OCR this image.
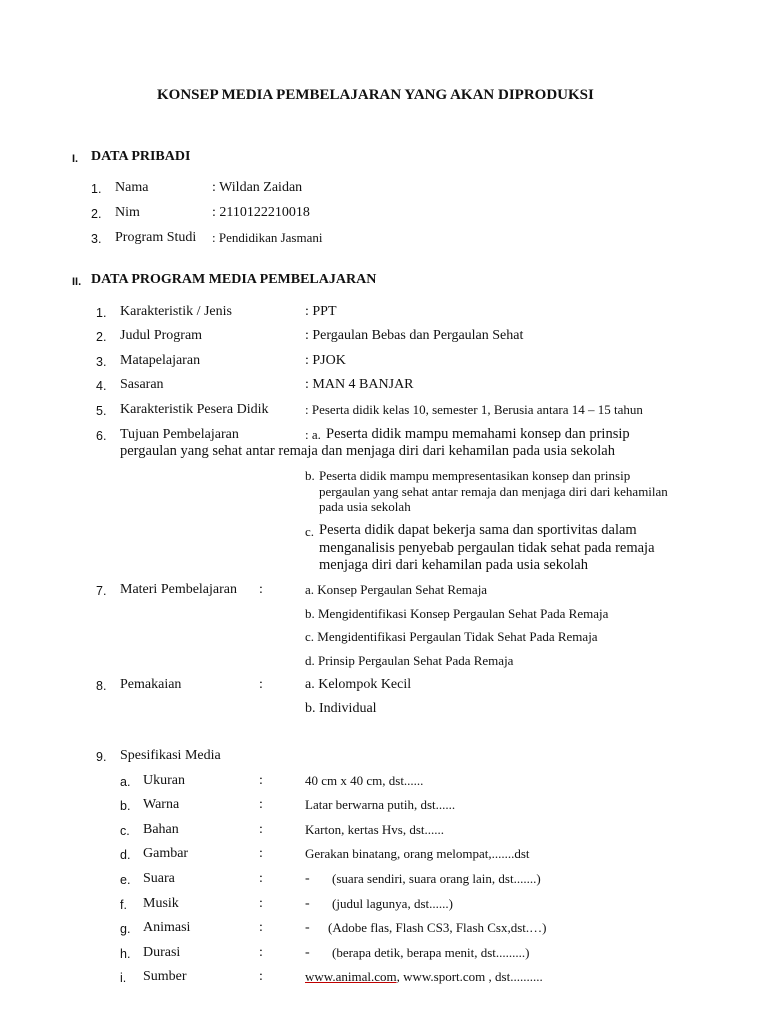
KONSEP MEDIA PEMBELAJARAN YANG AKAN DIPRODUKSI
I. DATA PRIBADI
1. Nama	: Wildan Zaidan
2. Nim	: 2110122210018
3. Program Studi : Pendidikan Jasmani
II. DATA PROGRAM MEDIA PEMBELAJARAN
1. Karakteristik / Jenis	: PPT
2. Judul Program	: Pergaulan Bebas dan Pergaulan Sehat
3. Matapelajaran	: PJOK
4. Sasaran	: MAN 4 BANJAR
5. Karakteristik Pesera Didik	: Peserta didik kelas 10, semester 1, Berusia antara 14 – 15 tahun
6. Tujuan Pembelajaran	: a. Peserta didik mampu memahami konsep dan prinsip
pergaulan yang sehat antar remaja dan menjaga diri dari kehamilan pada usia sekolah
b. Peserta didik mampu mempresentasikan konsep dan prinsip
pergaulan yang sehat antar remaja dan menjaga diri dari kehamilan
pada usia sekolah
c. Peserta didik dapat bekerja sama dan sportivitas dalam
menganalisis penyebab pergaulan tidak sehat pada remaja
menjaga diri dari kehamilan pada usia sekolah
7. Materi Pembelajaran :	a. Konsep Pergaulan Sehat Remaja
b. Mengidentifikasi Konsep Pergaulan Sehat Pada Remaja
c. Mengidentifikasi Pergaulan Tidak Sehat Pada Remaja
d. Prinsip Pergaulan Sehat Pada Remaja
8. Pemakaian	:	a. Kelompok Kecil
b. Individual
9. Spesifikasi Media
a. Ukuran	:	40 cm x 40 cm, dst......
b. Warna	:	Latar berwarna putih, dst......
c. Bahan	:	Karton, kertas Hvs, dst......
d. Gambar	:	Gerakan binatang, orang melompat,.......dst
e. Suara	:	- (suara sendiri, suara orang lain, dst.......)
f. Musik	:	- (judul lagunya, dst......)
g. Animasi	:	- (Adobe flas, Flash CS3, Flash Csx,dst.…)
h. Durasi	:	- (berapa detik, berapa menit, dst.........)
i. Sumber	:	www.animal.com, www.sport.com , dst..........
